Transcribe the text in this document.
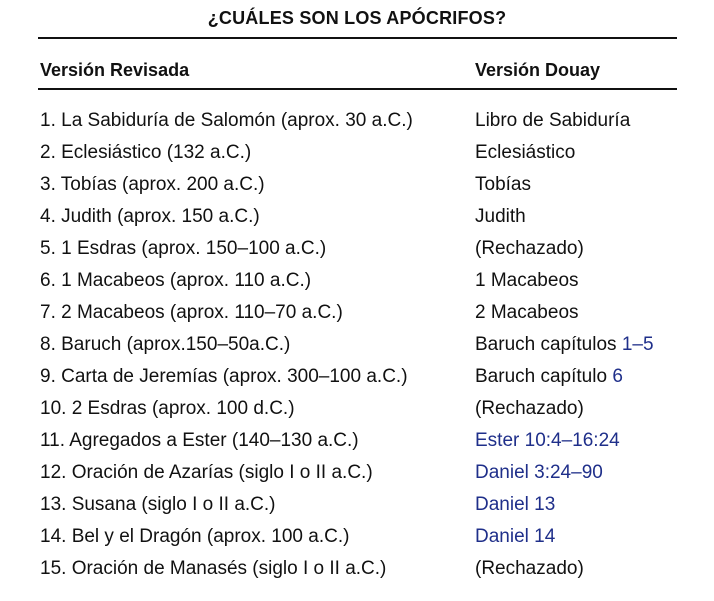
¿CUÁLES SON LOS APÓCRIFOS?
Versión Revisada	Versión Douay
1. La Sabiduría de Salomón (aprox. 30 a.C.)	Libro de Sabiduría
2. Eclesiástico (132 a.C.)	Eclesiástico
3. Tobías (aprox. 200 a.C.)	Tobías
4. Judith (aprox. 150 a.C.)	Judith
5. 1 Esdras (aprox. 150–100 a.C.)	(Rechazado)
6. 1 Macabeos (aprox. 110 a.C.)	1 Macabeos
7. 2 Macabeos (aprox. 110–70 a.C.)	2 Macabeos
8. Baruch (aprox.150–50a.C.)	Baruch capítulos 1–5
9. Carta de Jeremías (aprox. 300–100 a.C.)	Baruch capítulo 6
10. 2 Esdras (aprox. 100 d.C.)	(Rechazado)
11. Agregados a Ester (140–130 a.C.)	Ester 10:4–16:24
12. Oración de Azarías (siglo I o II a.C.)	Daniel 3:24–90
13. Susana (siglo I o II a.C.)	Daniel 13
14. Bel y el Dragón (aprox. 100 a.C.)	Daniel 14
15. Oración de Manasés (siglo I o II a.C.)	(Rechazado)
